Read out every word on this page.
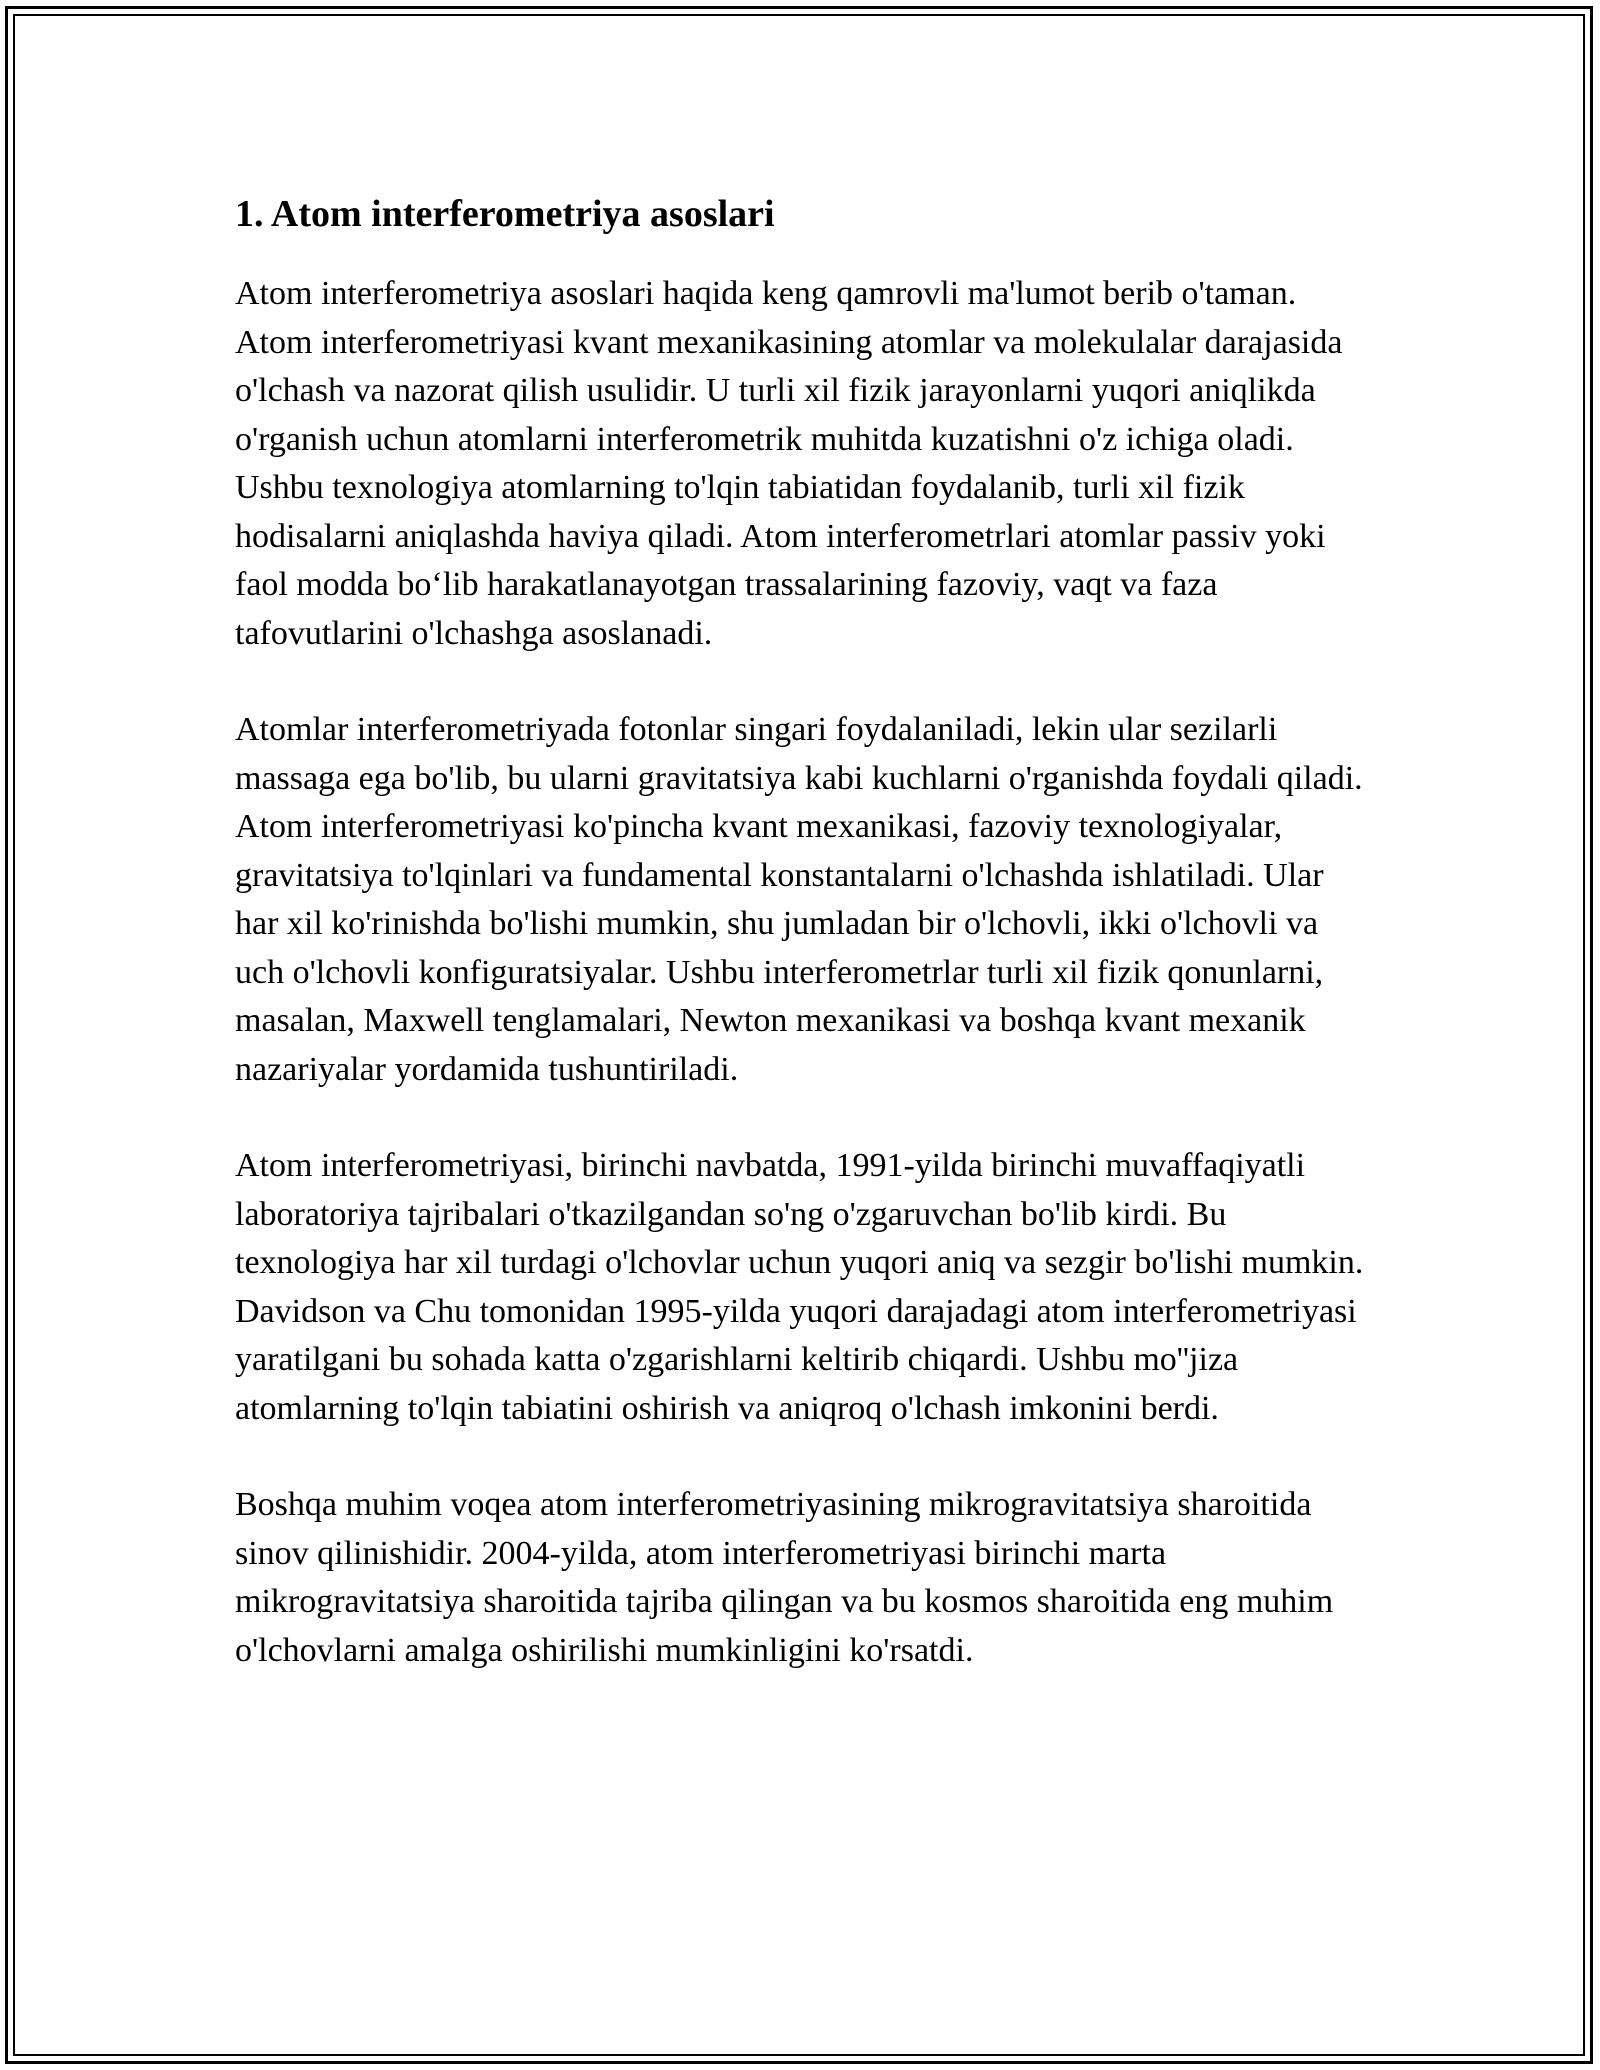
1. Atom interferometriya asoslari

Atom interferometriya asoslari haqida keng qamrovli ma'lumot berib o'taman. Atom interferometriyasi kvant mexanikasining atomlar va molekulalar darajasida o'lchash va nazorat qilish usulidir. U turli xil fizik jarayonlarni yuqori aniqlikda o'rganish uchun atomlarni interferometrik muhitda kuzatishni o'z ichiga oladi. Ushbu texnologiya atomlarning to'lqin tabiatidan foydalanib, turli xil fizik hodisalarni aniqlashda haviya qiladi. Atom interferometrlari atomlar passiv yoki faol modda bo‘lib harakatlanayotgan trassalarining fazoviy, vaqt va faza tafovutlarini o'lchashga asoslanadi.

Atomlar interferometriyada fotonlar singari foydalaniladi, lekin ular sezilarli massaga ega bo'lib, bu ularni gravitatsiya kabi kuchlarni o'rganishda foydali qiladi. Atom interferometriyasi ko'pincha kvant mexanikasi, fazoviy texnologiyalar, gravitatsiya to'lqinlari va fundamental konstantalarni o'lchashda ishlatiladi. Ular har xil ko'rinishda bo'lishi mumkin, shu jumladan bir o'lchovli, ikki o'lchovli va uch o'lchovli konfiguratsiyalar. Ushbu interferometrlar turli xil fizik qonunlarni, masalan, Maxwell tenglamalari, Newton mexanikasi va boshqa kvant mexanik nazariyalar yordamida tushuntiriladi.

Atom interferometriyasi, birinchi navbatda, 1991-yilda birinchi muvaffaqiyatli laboratoriya tajribalari o'tkazilgandan so'ng o'zgaruvchan bo'lib kirdi. Bu texnologiya har xil turdagi o'lchovlar uchun yuqori aniq va sezgir bo'lishi mumkin. Davidson va Chu tomonidan 1995-yilda yuqori darajadagi atom interferometriyasi yaratilgani bu sohada katta o'zgarishlarni keltirib chiqardi. Ushbu mo''jiza atomlarning to'lqin tabiatini oshirish va aniqroq o'lchash imkonini berdi.

Boshqa muhim voqea atom interferometriyasining mikrogravitatsiya sharoitida sinov qilinishidir. 2004-yilda, atom interferometriyasi birinchi marta mikrogravitatsiya sharoitida tajriba qilingan va bu kosmos sharoitida eng muhim o'lchovlarni amalga oshirilishi mumkinligini ko'rsatdi.
